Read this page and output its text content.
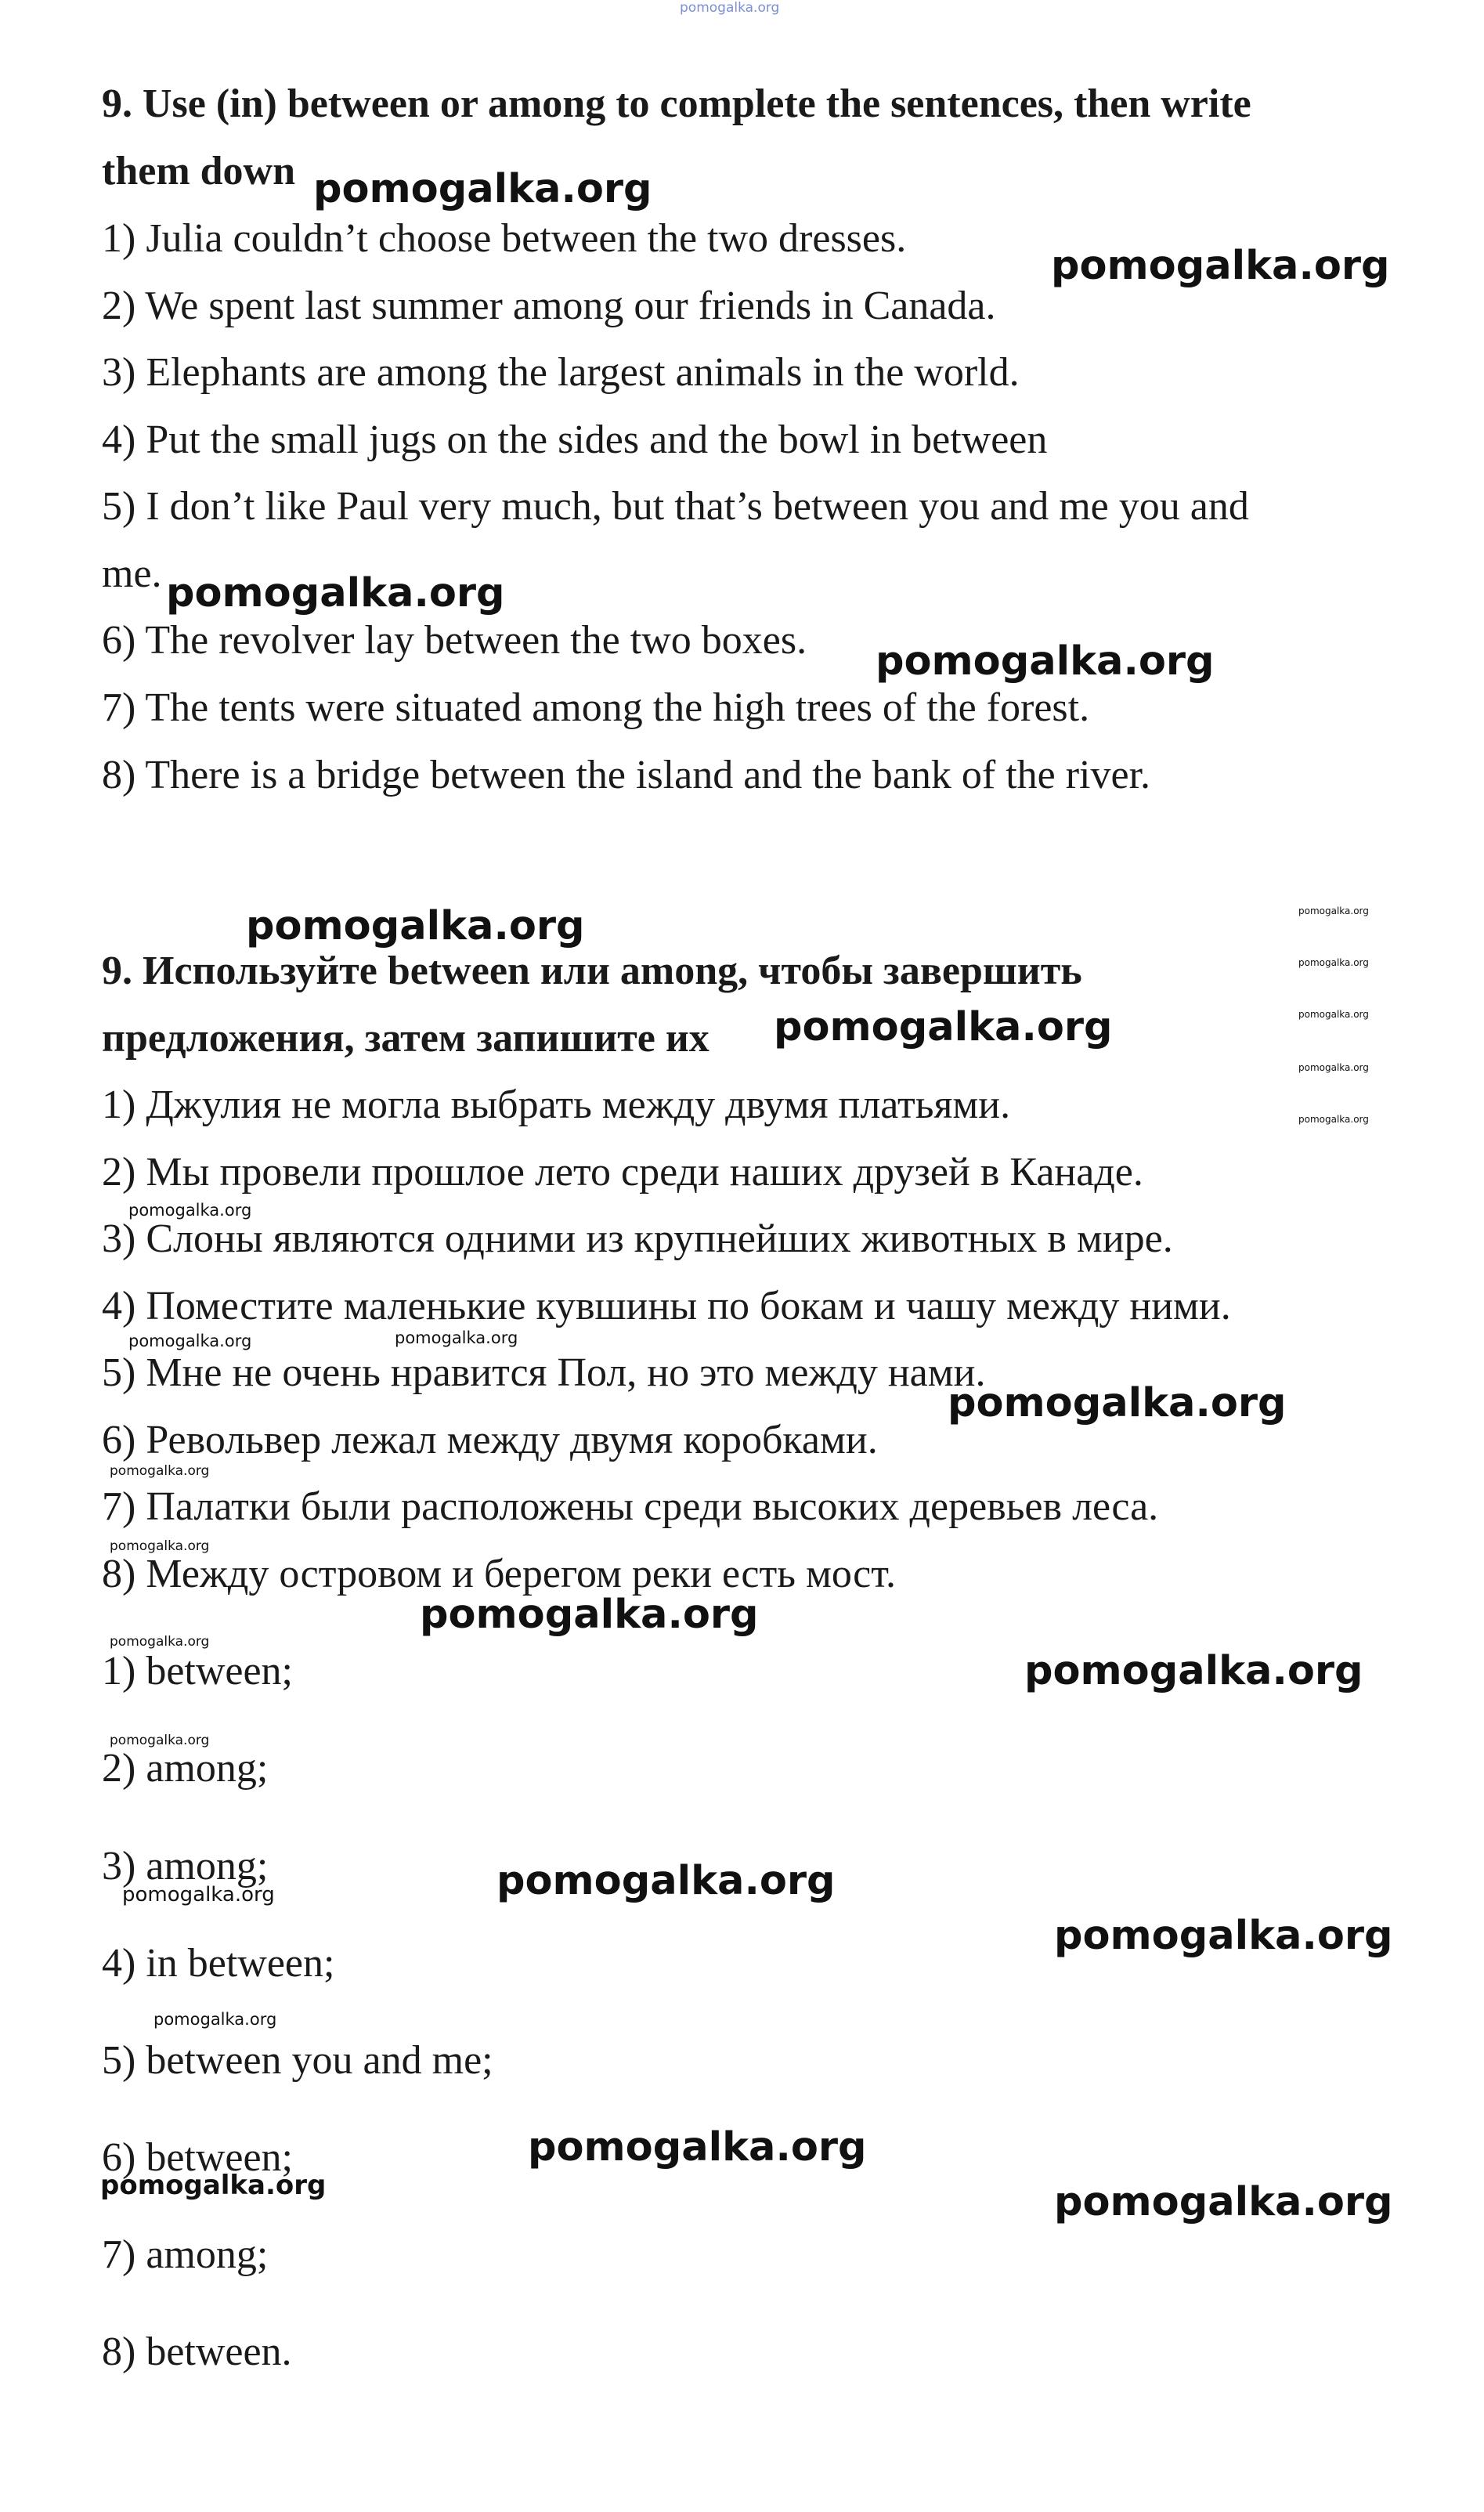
pomogalka.org
9. Use (in) between or among to complete the sentences, then write
them down
1) Julia couldn’t choose between the two dresses.
2) We spent last summer among our friends in Canada.
3) Elephants are among the largest animals in the world.
4) Put the small jugs on the sides and the bowl in between
5) I don’t like Paul very much, but that’s between you and me you and
me.
6) The revolver lay between the two boxes.
7) The tents were situated among the high trees of the forest.
8) There is a bridge between the island and the bank of the river.
9. Используйте between или among, чтобы завершить
предложения, затем запишите их
1) Джулия не могла выбрать между двумя платьями.
2) Мы провели прошлое лето среди наших друзей в Канаде.
3) Слоны являются одними из крупнейших животных в мире.
4) Поместите маленькие кувшины по бокам и чашу между ними.
5) Мне не очень нравится Пол, но это между нами.
6) Револьвер лежал между двумя коробками.
7) Палатки были расположены среди высоких деревьев леса.
8) Между островом и берегом реки есть мост.
1) between;
2) among;
3) among;
4) in between;
5) between you and me;
6) between;
7) among;
8) between.
pomogalka.org
pomogalka.org
pomogalka.org
pomogalka.org
pomogalka.org
pomogalka.org
pomogalka.org
pomogalka.org
pomogalka.org
pomogalka.org
pomogalka.org
pomogalka.org
pomogalka.org
pomogalka.org
pomogalka.org	pomogalka.org
pomogalka.org
pomogalka.org
pomogalka.org
pomogalka.org
pomogalka.org
pomogalka.org
pomogalka.org
pomogalka.org
pomogalka.org
pomogalka.org
pomogalka.org
pomogalka.org
